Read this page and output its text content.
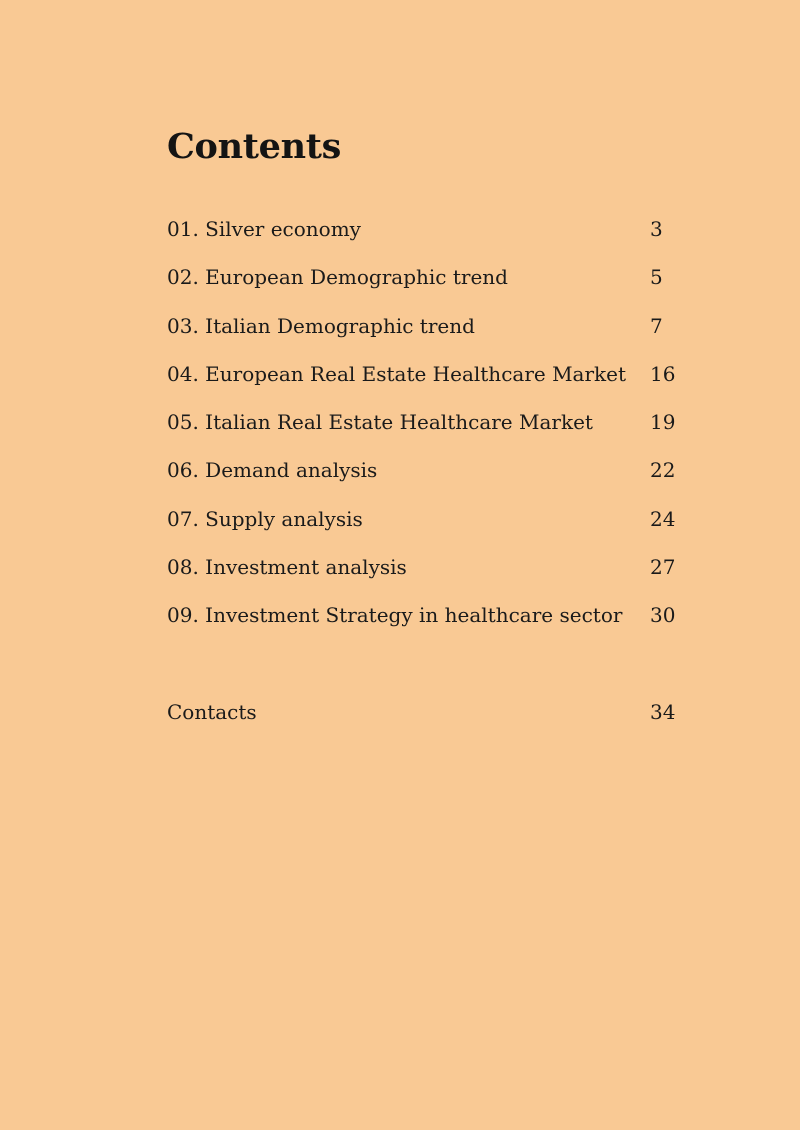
Contents
01. Silver economy	3
02. European Demographic trend	5
03. Italian Demographic trend	7
04. European Real Estate Healthcare Market 16
05. Italian Real Estate Healthcare Market	19
06. Demand analysis	22
07. Supply analysis	24
08. Investment analysis	27
09. Investment Strategy in healthcare sector 30
Contacts	34
